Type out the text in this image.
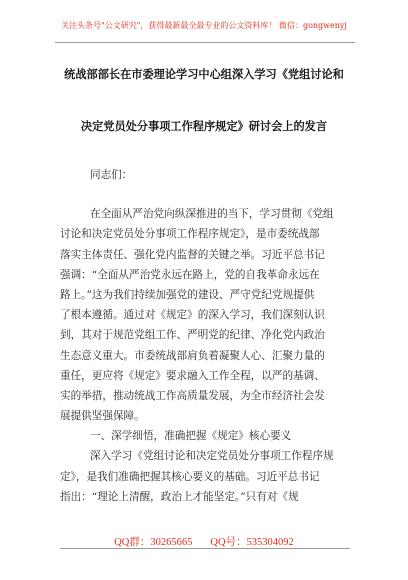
关注头条号"公文研究"，获得最新最全最专业的公文资料库！ 微信：gongwenyj
统战部部长在市委理论学习中心组深入学习《党组讨论和
决定党员处分事项工作程序规定》研讨会上的发言
同志们：
在全面从严治党向纵深推进的当下，学习贯彻《党组
讨论和决定党员处分事项工作程序规定》，是市委统战部
落实主体责任、强化党内监督的关键之举。习近平总书记
强调：“全面从严治党永远在路上，党的自我革命永远在
路上。”这为我们持续加强党的建设、严守党纪党规提供
了根本遵循。通过对《规定》的深入学习，我们深刻认识
到，其对于规范党组工作、严明党的纪律、净化党内政治
生态意义重大。市委统战部肩负着凝聚人心、汇聚力量的
重任，更应将《规定》要求融入工作全程，以严的基调、
实的举措，推动统战工作高质量发展，为全市经济社会发
展提供坚强保障。
一、深学细悟，准确把握《规定》核心要义
深入学习《党组讨论和决定党员处分事项工作程序规
定》，是我们准确把握其核心要义的基础。习近平总书记
指出：“理论上清醒，政治上才能坚定。”只有对《规
QQ群：30265665 QQ号：535304092
